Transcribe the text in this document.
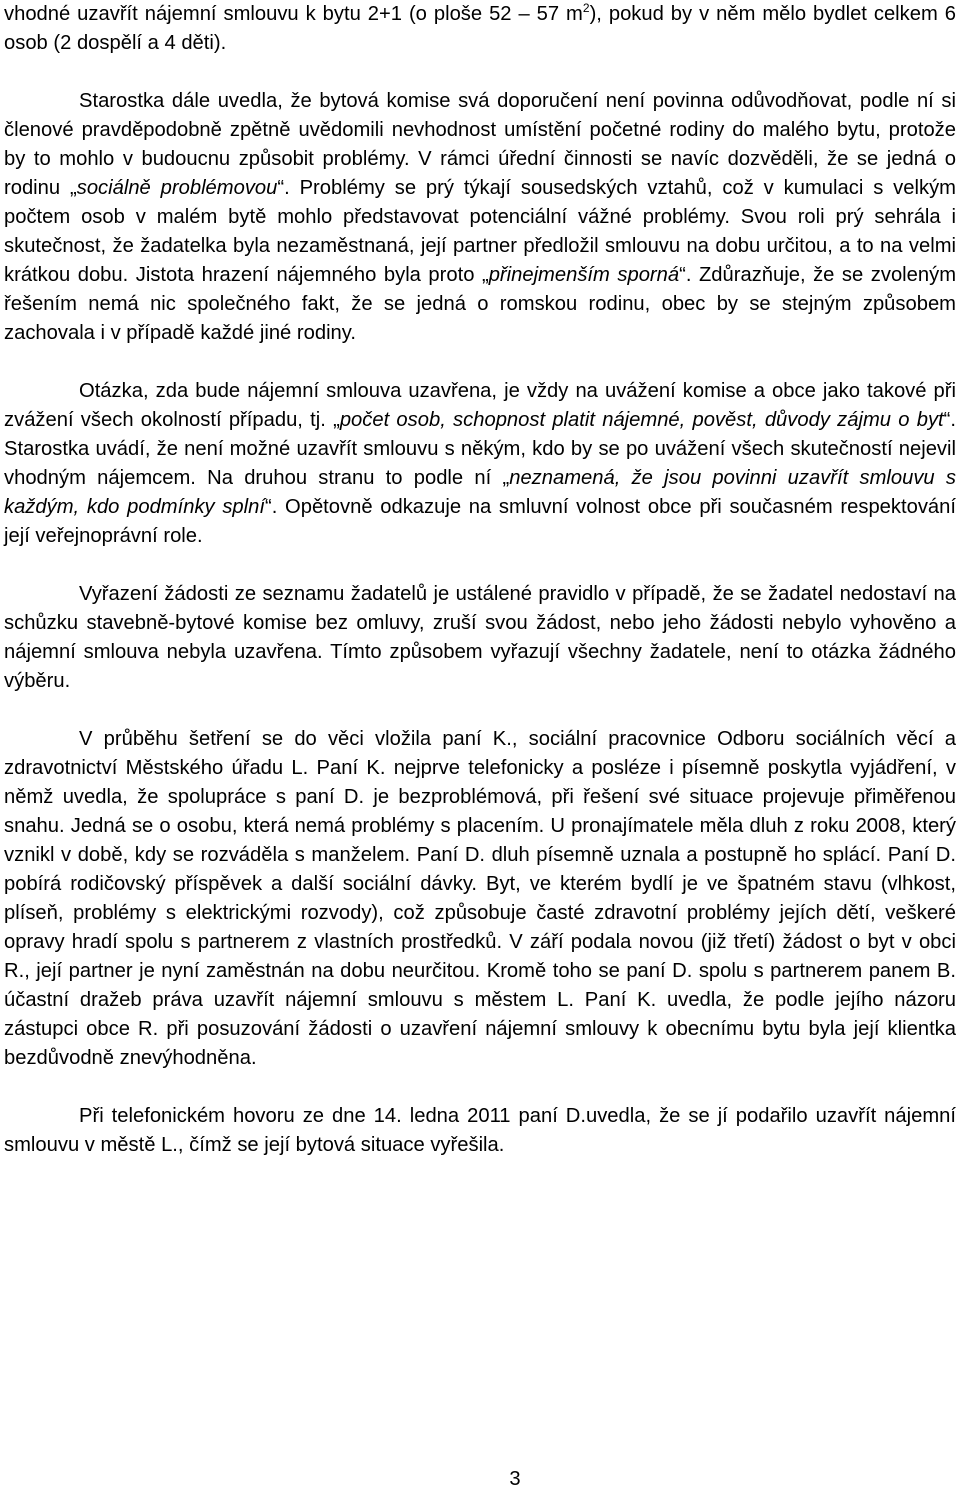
vhodné uzavřít nájemní smlouvu k bytu 2+1 (o ploše 52 – 57 $m^2$), pokud by v něm mělo bydlet celkem 6 osob (2 dospělí a 4 děti).

Starostka dále uvedla, že bytová komise svá doporučení není povinna odůvodňovat, podle ní si členové pravděpodobně zpětně uvědomili nevhodnost umístění početné rodiny do malého bytu, protože by to mohlo v budoucnu způsobit problémy. V rámci úřední činnosti se navíc dozvěděli, že se jedná o rodinu „sociálně problémovou“. Problémy se prý týkají sousedských vztahů, což v kumulaci s velkým počtem osob v malém bytě mohlo představovat potenciální vážné problémy. Svou roli prý sehrála i skutečnost, že žadatelka byla nezaměstnaná, její partner předložil smlouvu na dobu určitou, a to na velmi krátkou dobu. Jistota hrazení nájemného byla proto „přinejmenším sporná“. Zdůrazňuje, že se zvoleným řešením nemá nic společného fakt, že se jedná o romskou rodinu, obec by se stejným způsobem zachovala i v případě každé jiné rodiny.

Otázka, zda bude nájemní smlouva uzavřena, je vždy na uvážení komise a obce jako takové při zvážení všech okolností případu, tj. „počet osob, schopnost platit nájemné, pověst, důvody zájmu o byt“. Starostka uvádí, že není možné uzavřít smlouvu s někým, kdo by se po uvážení všech skutečností nejevil vhodným nájemcem. Na druhou stranu to podle ní „neznamená, že jsou povinni uzavřít smlouvu s každým, kdo podmínky splní“. Opětovně odkazuje na smluvní volnost obce při současném respektování její veřejnoprávní role.

Vyřazení žádosti ze seznamu žadatelů je ustálené pravidlo v případě, že se žadatel nedostaví na schůzku stavebně-bytové komise bez omluvy, zruší svou žádost, nebo jeho žádosti nebylo vyhověno a nájemní smlouva nebyla uzavřena. Tímto způsobem vyřazují všechny žadatele, není to otázka žádného výběru.

V průběhu šetření se do věci vložila paní K., sociální pracovnice Odboru sociálních věcí a zdravotnictví Městského úřadu L. Paní K. nejprve telefonicky a posléze i písemně poskytla vyjádření, v němž uvedla, že spolupráce s paní D. je bezproblémová, při řešení své situace projevuje přiměřenou snahu. Jedná se o osobu, která nemá problémy s placením. U pronajímatele měla dluh z roku 2008, který vznikl v době, kdy se rozváděla s manželem. Paní D. dluh písemně uznala a postupně ho splácí. Paní D. pobírá rodičovský příspěvek a další sociální dávky. Byt, ve kterém bydlí je ve špatném stavu (vlhkost, plíseň, problémy s elektrickými rozvody), což způsobuje časté zdravotní problémy jejích dětí, veškeré opravy hradí spolu s partnerem z vlastních prostředků. V září podala novou (již třetí) žádost o byt v obci R., její partner je nyní zaměstnán na dobu neurčitou. Kromě toho se paní D. spolu s partnerem panem B. účastní dražeb práva uzavřít nájemní smlouvu s městem L. Paní K. uvedla, že podle jejího názoru zástupci obce R. při posuzování žádosti o uzavření nájemní smlouvy k obecnímu bytu byla její klientka bezdůvodně znevýhodněna.

Při telefonickém hovoru ze dne 14. ledna 2011 paní D.uvedla, že se jí podařilo uzavřít nájemní smlouvu v městě L., čímž se její bytová situace vyřešila.

3
